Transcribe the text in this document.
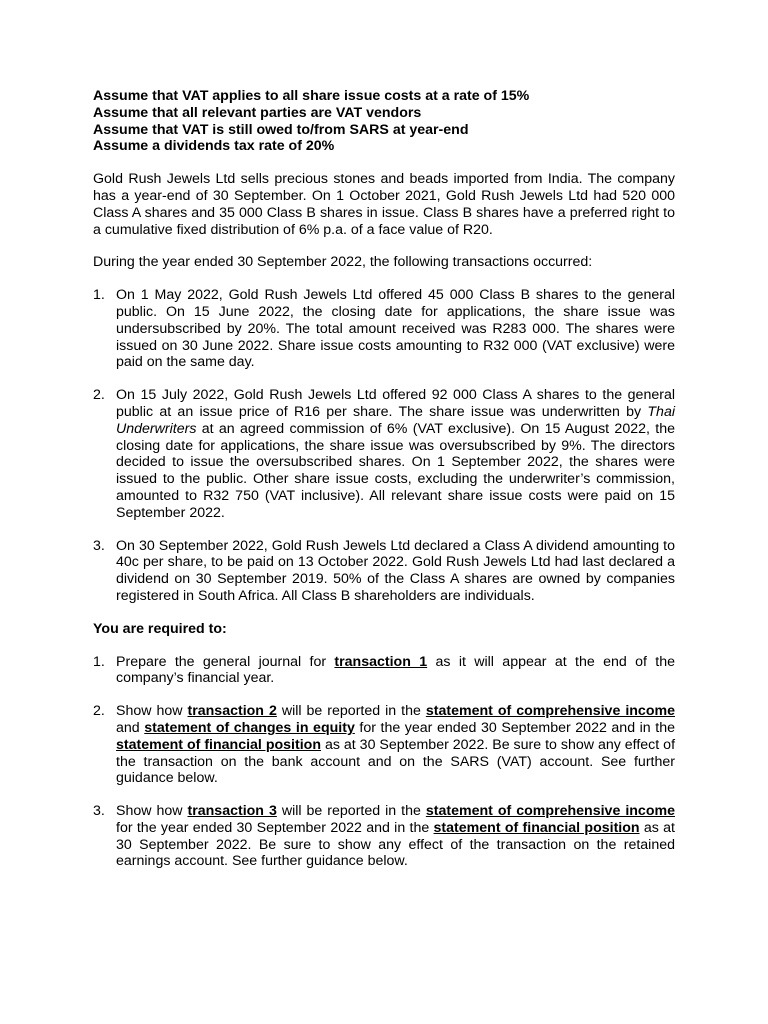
Assume that VAT applies to all share issue costs at a rate of 15%
Assume that all relevant parties are VAT vendors
Assume that VAT is still owed to/from SARS at year-end
Assume a dividends tax rate of 20%

Gold Rush Jewels Ltd sells precious stones and beads imported from India. The company has a year-end of 30 September. On 1 October 2021, Gold Rush Jewels Ltd had 520 000 Class A shares and 35 000 Class B shares in issue. Class B shares have a preferred right to a cumulative fixed distribution of 6% p.a. of a face value of R20.

During the year ended 30 September 2022, the following transactions occurred:

1. On 1 May 2022, Gold Rush Jewels Ltd offered 45 000 Class B shares to the general public. On 15 June 2022, the closing date for applications, the share issue was undersubscribed by 20%. The total amount received was R283 000. The shares were issued on 30 June 2022. Share issue costs amounting to R32 000 (VAT exclusive) were paid on the same day.
2. On 15 July 2022, Gold Rush Jewels Ltd offered 92 000 Class A shares to the general public at an issue price of R16 per share. The share issue was underwritten by Thai Underwriters at an agreed commission of 6% (VAT exclusive). On 15 August 2022, the closing date for applications, the share issue was oversubscribed by 9%. The directors decided to issue the oversubscribed shares. On 1 September 2022, the shares were issued to the public. Other share issue costs, excluding the underwriter’s commission, amounted to R32 750 (VAT inclusive). All relevant share issue costs were paid on 15 September 2022.
3. On 30 September 2022, Gold Rush Jewels Ltd declared a Class A dividend amounting to 40c per share, to be paid on 13 October 2022. Gold Rush Jewels Ltd had last declared a dividend on 30 September 2019. 50% of the Class A shares are owned by companies registered in South Africa. All Class B shareholders are individuals.
You are required to:
1. Prepare the general journal for transaction 1 as it will appear at the end of the company’s financial year.
2. Show how transaction 2 will be reported in the statement of comprehensive income and statement of changes in equity for the year ended 30 September 2022 and in the statement of financial position as at 30 September 2022. Be sure to show any effect of the transaction on the bank account and on the SARS (VAT) account. See further guidance below.
3. Show how transaction 3 will be reported in the statement of comprehensive income for the year ended 30 September 2022 and in the statement of financial position as at 30 September 2022. Be sure to show any effect of the transaction on the retained earnings account. See further guidance below.
